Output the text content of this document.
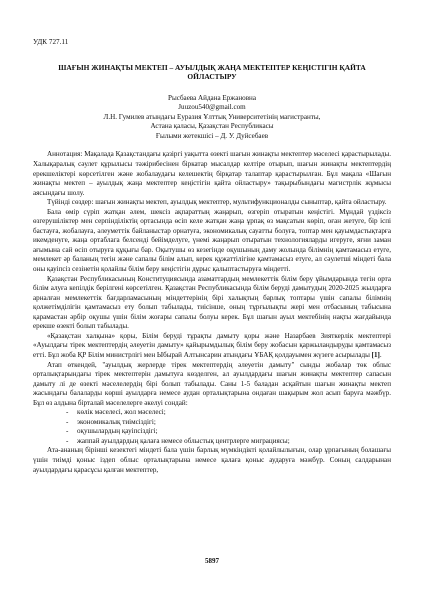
УДК 727.11
ШАҒЫН ЖИНАҚТЫ МЕКТЕП – АУЫЛДЫҚ ЖАҢА МЕКТЕПТЕР КЕҢІСТІГІН ҚАЙТА ОЙЛАСТЫРУ
Рысбаева Айдана Ержановна
Juuzou540@gmail.com
Л.Н. Гумилев атындағы Еуразия Ұлттық Университетінің магистранты,
Астана қаласы, Қазақстан Республикасы
Ғылыми жетекшісі – Д. У. Дуйсебаев

Аннотация: Мақалада Қазақстандағы қазіргі уақытта өзекті шағын жинақты мектептер мәселесі қарастырылады. Халықаралық сәулет құрылысы тәжірибесінен біркатар мысалдар келтіре отырып, шағын жинақты мектептердің ерекшеліктері көрсетілген және жобалаудағы келешектің бірқатар талаптар қарастырылған. Бұл мақала «Шағын жинақты мектеп – ауылдық жаңа мектептер кеңістігін қайта ойластыру» тақырыбындағы магистрлік жұмысы аясындағы шолу.

Түйінді сөздер: шағын жинақты мектеп, ауылдық мектептер, мультифункционалды сыныптар, қайта ойластыру.

Бала өмір сүріп жатқан әлем, шексіз ақпараттың жаңарып, өзгеріп отыратын кеңістігі. Мұндай үздіксіз өзгерушіліктер мен серпінділіктің ортасында өсіп келе жатқан жаңа ұрпақ өз мақсатын көріп, оған жетуге, бір іспі бастауға, жобалауға, әлеуметтік байланыстар орнатуға, экономикалық сауатты болуға, топтар мен қауымдастықтарға икемденуге, жаңа ортаблага белсенді бейімделуге, үнемі жаңарып отыратын технологияларды игеруге, яғни заман ағымына сай өсіп отыруға құқығы бар. Оқытушы өз кезегінде оқушының даму жолында білімнің қамтамасыз етуге, мемлекет әр баланың тегін және сапалы білім алып, керек құжаттілігіне қамтамасыз етуге, ал сәулетші міндеті бала оны қауіпсіз сезінетін қолайлы білім беру кеңістігін дұрыс қалыптастыруға міндетті.

Қазақстан Республикасының Конституциясында азаматтардың мемлекеттік білім беру ұйымдарында тегін орта білім алуға кепілдік берілгені көрсетілген. Қазақстан Республикасында білім беруді дамытудың 2020-2025 жылдарға арналған мемлекеттік бағдарламасының міндеттерінің бірі халықтың барлық топтары үшін сапалы білімнің қолжетімділігін қамтамасыз ету болып табылады, тиісінше, оның тұрғылықты жері мен отбасының табысына қарамастан әрбір оқушы үшін білім жоғары сапалы болуы керек. Бұл шағын ауыл мектебінің нақты жағдайында ерекше өзекті болып табылады.

«Қазақстан халқына» қоры, Білім берудi тұрақты дамыту қоры және Назарбаев Зияткерлік мектептері «Ауылдағы тірек мектептердің әлеуетін дамыту» қайырымдылық білім беру жобасын қаржыландыруды қамтамасыз етті. Бұл жоба ҚР Білім министрлігі мен Ыбырай Алтынсарин атындағы ҰБАҚ қолдауымен жүзеге асырылады [1].

Атап өткендей, "ауылдық жерлерде тірек мектептердің әлеуетін дамыту" сынды жобалар төк облыс орталықтарындағы тірек мектептерін дамытуға көзделген, ал ауылдардағы шағын жинақты мектептер сапасын дамыту лі де өзекті мәселелердің бірі болып табылады. Саны 1-5 баладан асқайтын шағын жинақты мектеп жасындағы балаларды көрші ауылдарға немесе аудан орталықтарына ондаған шақырым жол асып баруға мәжбүр. Бұл өз алдына бірталай мәселелерге әкелуі сондай:

- көлік мәселесі, жол мәселесі;
- экономикалық тиімсіздігі;
- оқушылардың қауіпсіздігі;
- жаппай ауылдардың қалаға немесе облыстық центрлерге миграциясы;

Ата-ананың бірінші кезектегі міндеті бала үшін барлық мүмкіндікті қолайлылығын, олар ұрпағының болашағы үшін тиімді қоныс іздеп облыс орталықтарына немесе қалаға қоныс аударуға мәжбүр. Соның салдарынан ауылдардағы қарасұсы қалған мектептер,

5897
